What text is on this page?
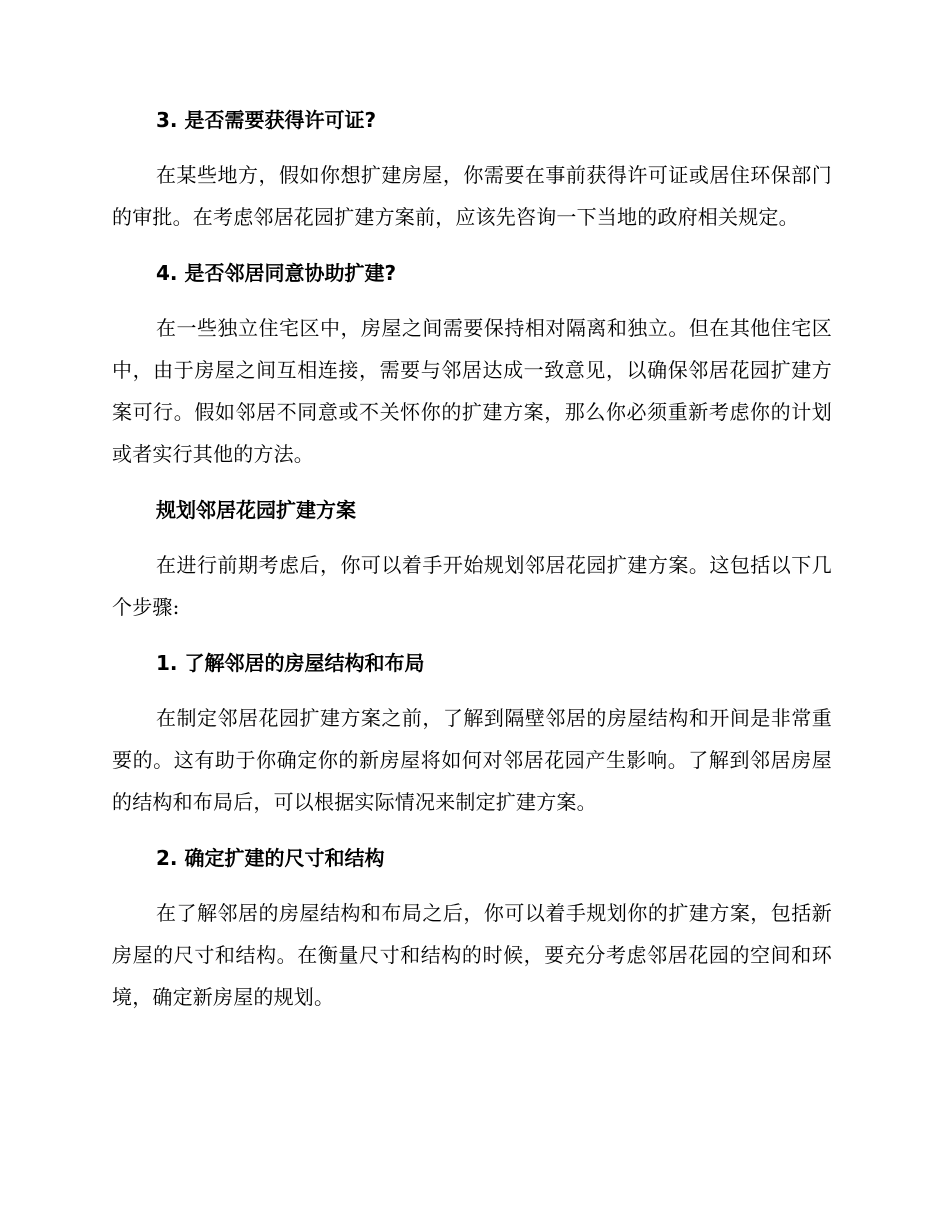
3. 是否需要获得许可证?

在某些地方，假如你想扩建房屋，你需要在事前获得许可证或居住环保部门的审批。在考虑邻居花园扩建方案前，应该先咨询一下当地的政府相关规定。

4. 是否邻居同意协助扩建?

在一些独立住宅区中，房屋之间需要保持相对隔离和独立。但在其他住宅区中，由于房屋之间互相连接，需要与邻居达成一致意见，以确保邻居花园扩建方案可行。假如邻居不同意或不关怀你的扩建方案，那么你必须重新考虑你的计划或者实行其他的方法。

规划邻居花园扩建方案

在进行前期考虑后，你可以着手开始规划邻居花园扩建方案。这包括以下几个步骤:

1. 了解邻居的房屋结构和布局

在制定邻居花园扩建方案之前，了解到隔壁邻居的房屋结构和开间是非常重要的。这有助于你确定你的新房屋将如何对邻居花园产生影响。了解到邻居房屋的结构和布局后，可以根据实际情况来制定扩建方案。

2. 确定扩建的尺寸和结构

在了解邻居的房屋结构和布局之后，你可以着手规划你的扩建方案，包括新房屋的尺寸和结构。在衡量尺寸和结构的时候，要充分考虑邻居花园的空间和环境，确定新房屋的规划。
